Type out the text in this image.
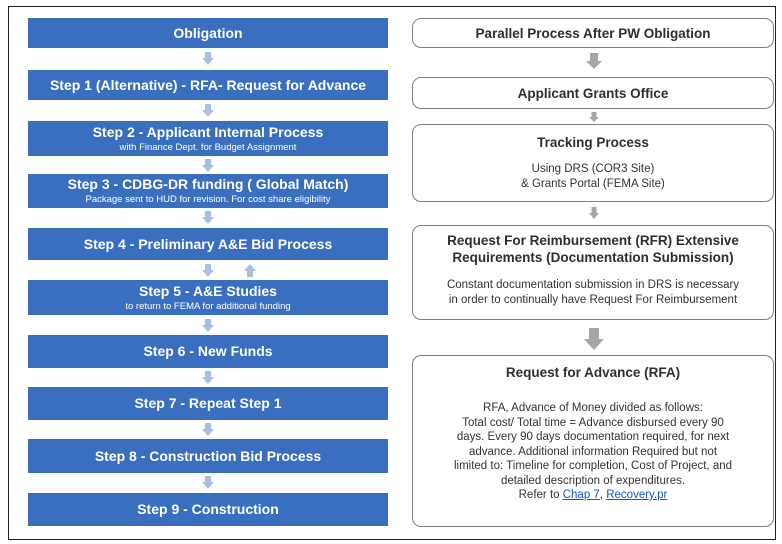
Obligation
Step 1 (Alternative) - RFA- Request for Advance
Step 2 - Applicant Internal Process
with Finance Dept. for Budget Assignment
Step 3 - CDBG-DR funding ( Global Match)
Package sent to HUD for revision. For cost share eligibility
Step 4 - Preliminary A&E Bid Process
Step 5 - A&E Studies
to return to FEMA for additional funding
Step 6 - New Funds
Step 7 - Repeat Step 1
Step 8 - Construction Bid Process
Step 9 - Construction
Parallel Process After PW Obligation
Applicant Grants Office
Tracking Process
Using DRS (COR3 Site)
& Grants Portal (FEMA Site)
Request For Reimbursement (RFR) Extensive
Requirements (Documentation Submission)
Constant documentation submission in DRS is necessary
in order to continually have Request For Reimbursement
Request for Advance (RFA)
RFA, Advance of Money divided as follows:
Total cost/ Total time = Advance disbursed every 90
days. Every 90 days documentation required, for next
advance. Additional information Required but not
limited to: Timeline for completion, Cost of Project, and
detailed description of expenditures.
Refer to Chap 7, Recovery.pr
